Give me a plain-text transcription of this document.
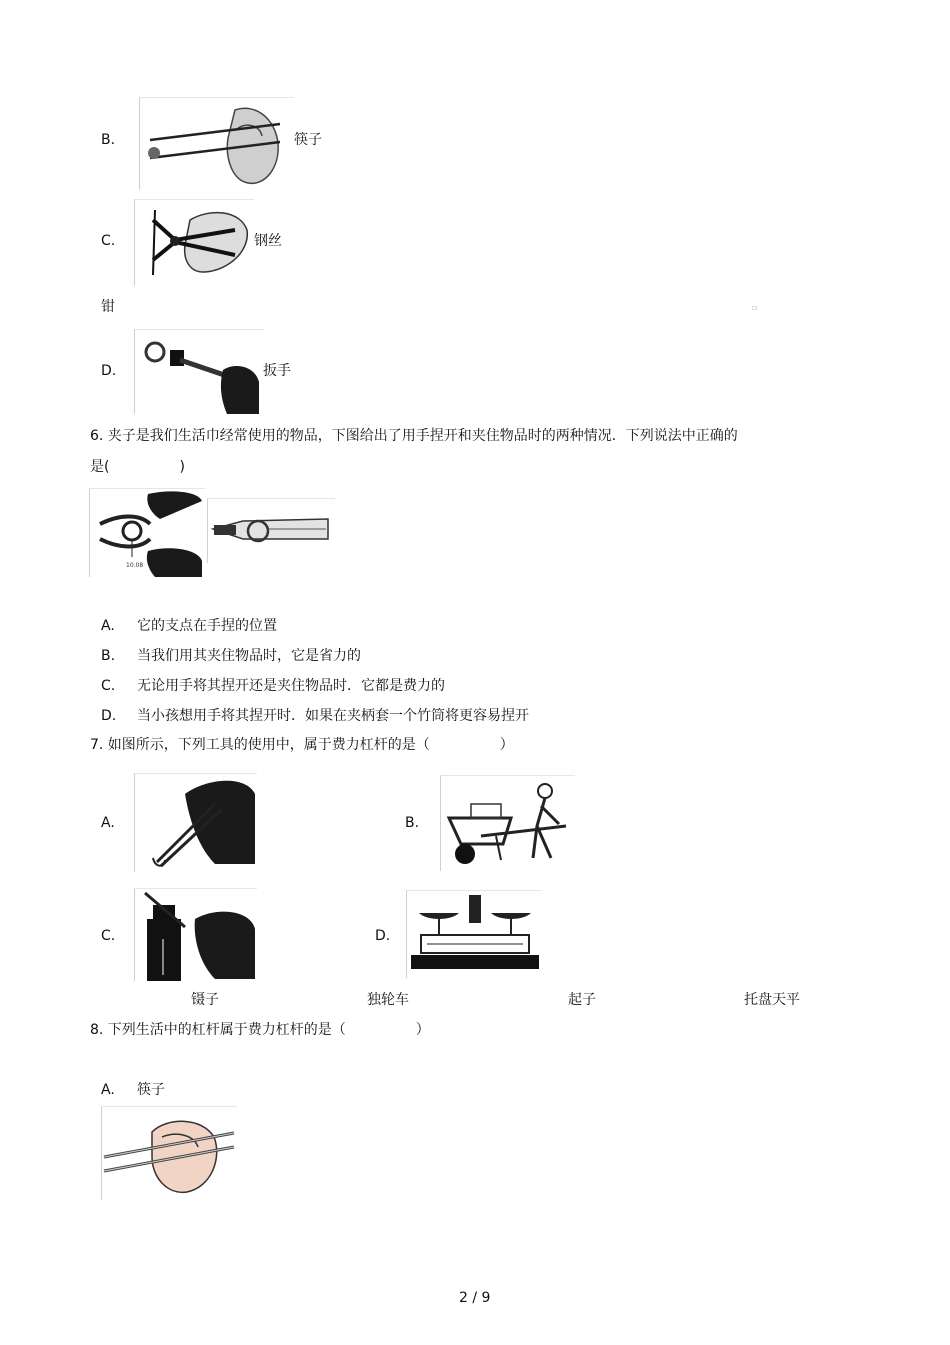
B.	筷子
C.	钢丝
钳	▫
D.	扳手
6. 夹子是我们生活巾经常使用的物品，下图给出了用手捏开和夹住物品时的两种情况．下列说法中正确的
是(　　　　　)
10.08
A. 它的支点在手捏的位置
B. 当我们用其夹住物品时，它是省力的
C. 无论用手将其捏开还是夹住物品时．它都是费力的
D. 当小孩想用手将其捏开时．如果在夹柄套一个竹筒将更容易捏开
7. 如图所示，下列工具的使用中，属于费力杠杆的是（　　　　　）
A.	B.
C.	D.
镊子	独轮车	起子	托盘天平
8. 下列生活中的杠杆属于费力杠杆的是（　　　　　）
A. 筷子
2 / 9
